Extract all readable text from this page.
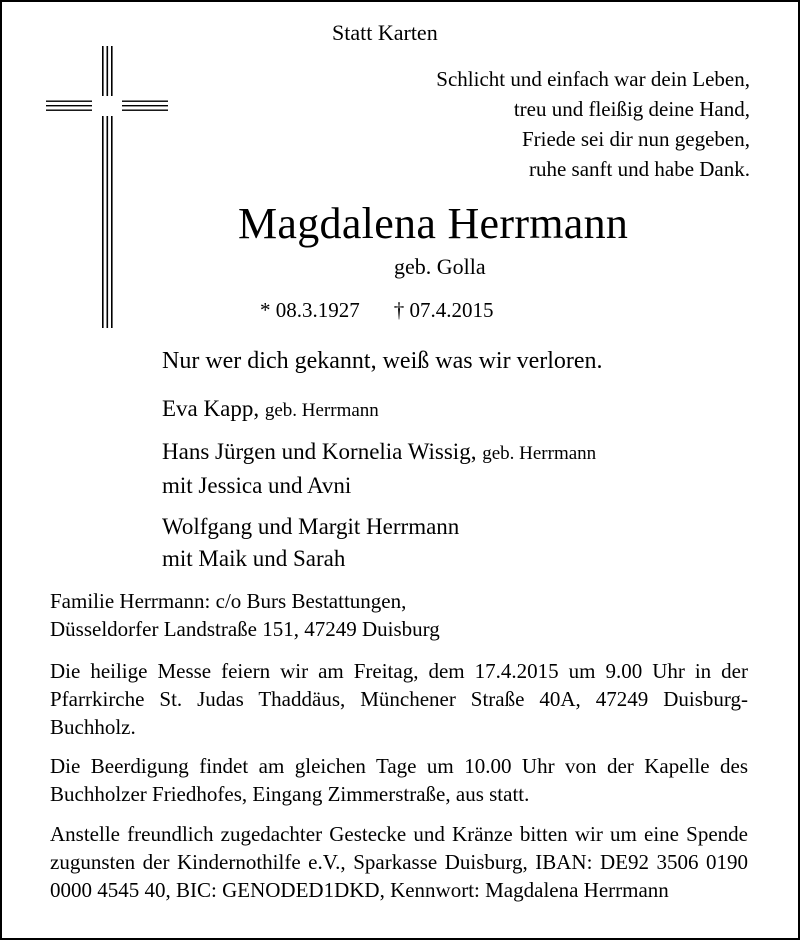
Statt Karten
Schlicht und einfach war dein Leben,
treu und fleißig deine Hand,
Friede sei dir nun gegeben,
ruhe sanft und habe Dank.
Magdalena Herrmann
geb. Golla
* 08.3.1927 † 07.4.2015
Nur wer dich gekannt, weiß was wir verloren.
Eva Kapp, geb. Herrmann
Hans Jürgen und Kornelia Wissig, geb. Herrmann
mit Jessica und Avni
Wolfgang und Margit Herrmann
mit Maik und Sarah
Familie Herrmann: c/o Burs Bestattungen,
Düsseldorfer Landstraße 151, 47249 Duisburg

Die heilige Messe feiern wir am Freitag, dem 17.4.2015 um 9.00 Uhr in der Pfarrkirche St. Judas Thaddäus, Münchener Straße 40A, 47249 Duisburg-Buchholz.

Die Beerdigung findet am gleichen Tage um 10.00 Uhr von der Kapelle des Buchholzer Friedhofes, Eingang Zimmerstraße, aus statt.

Anstelle freundlich zugedachter Gestecke und Kränze bitten wir um eine Spende zugunsten der Kindernothilfe e.V., Sparkasse Duisburg, IBAN: DE92 3506 0190 0000 4545 40, BIC: GENODED1DKD, Kennwort: Magdalena Herrmann
